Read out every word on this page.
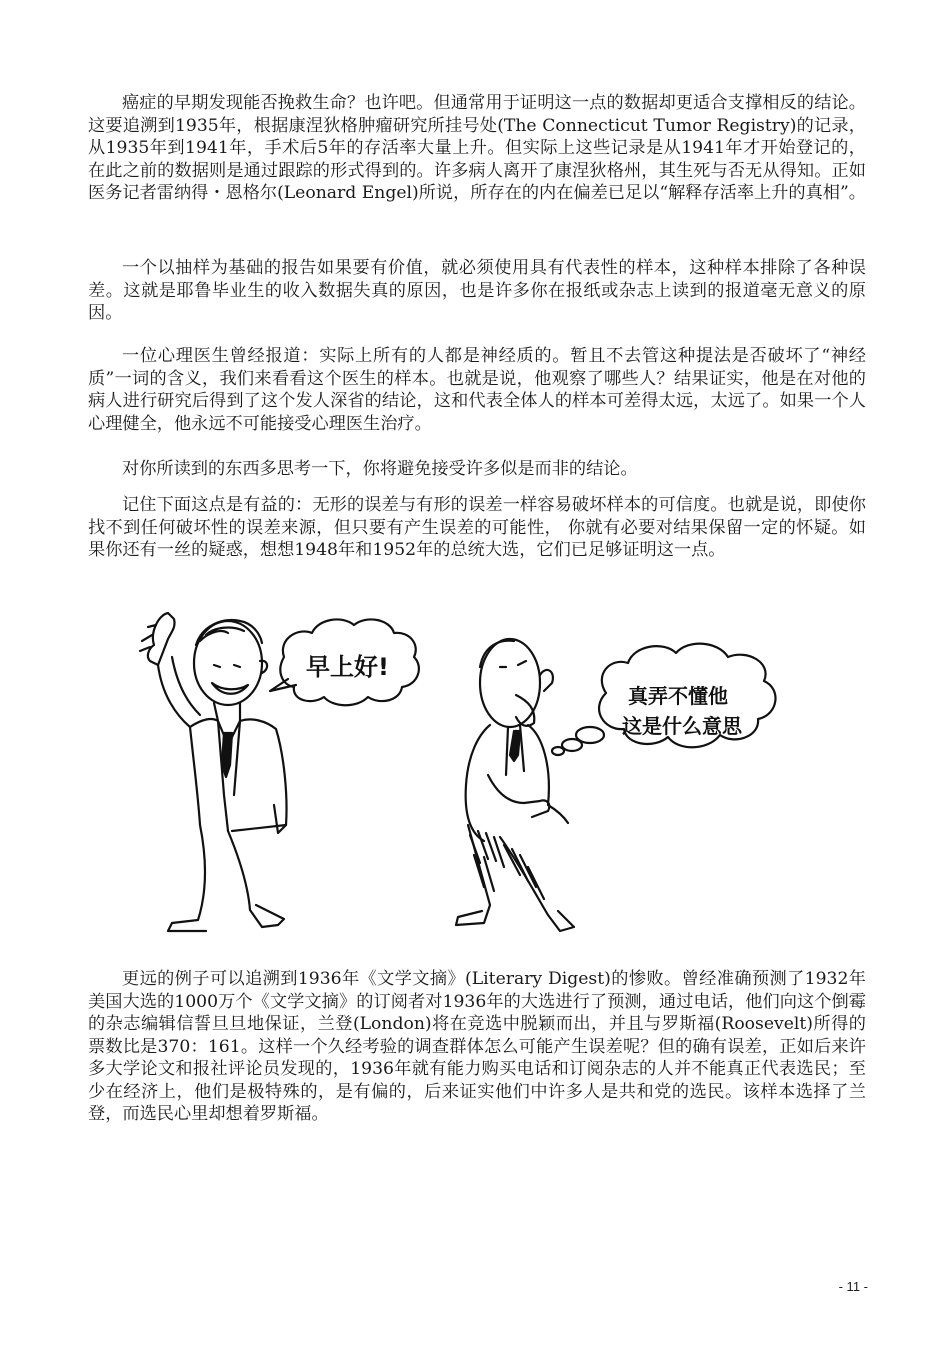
癌症的早期发现能否挽救生命？也许吧。但通常用于证明这一点的数据却更适合支撑相反的结论。这要追溯到1935年，根据康涅狄格肿瘤研究所挂号处(The Connecticut Tumor Registry)的记录，从1935年到1941年，手术后5年的存活率大量上升。但实际上这些记录是从1941年才开始登记的，在此之前的数据则是通过跟踪的形式得到的。许多病人离开了康涅狄格州，其生死与否无从得知。正如医务记者雷纳得・恩格尔(Leonard Engel)所说，所存在的内在偏差已足以“解释存活率上升的真相”。

一个以抽样为基础的报告如果要有价值，就必须使用具有代表性的样本，这种样本排除了各种误差。这就是耶鲁毕业生的收入数据失真的原因，也是许多你在报纸或杂志上读到的报道毫无意义的原因。

一位心理医生曾经报道：实际上所有的人都是神经质的。暂且不去管这种提法是否破坏了“神经质”一词的含义，我们来看看这个医生的样本。也就是说，他观察了哪些人？结果证实，他是在对他的病人进行研究后得到了这个发人深省的结论，这和代表全体人的样本可差得太远，太远了。如果一个人心理健全，他永远不可能接受心理医生治疗。

对你所读到的东西多思考一下，你将避免接受许多似是而非的结论。

记住下面这点是有益的：无形的误差与有形的误差一样容易破坏样本的可信度。也就是说，即使你找不到任何破坏性的误差来源，但只要有产生误差的可能性， 你就有必要对结果保留一定的怀疑。如果你还有一丝的疑惑，想想1948年和1952年的总统大选，它们已足够证明这一点。

早上好!
真弄不懂他
这是什么意思

更远的例子可以追溯到1936年《文学文摘》(Literary Digest)的惨败。曾经准确预测了1932年美国大选的1000万个《文学文摘》的订阅者对1936年的大选进行了预测，通过电话，他们向这个倒霉的杂志编辑信誓旦旦地保证，兰登(London)将在竞选中脱颖而出，并且与罗斯福(Roosevelt)所得的票数比是370：161。这样一个久经考验的调查群体怎么可能产生误差呢？但的确有误差，正如后来许多大学论文和报社评论员发现的，1936年就有能力购买电话和订阅杂志的人并不能真正代表选民；至少在经济上，他们是极特殊的，是有偏的，后来证实他们中许多人是共和党的选民。该样本选择了兰登，而选民心里却想着罗斯福。

- 11 -
